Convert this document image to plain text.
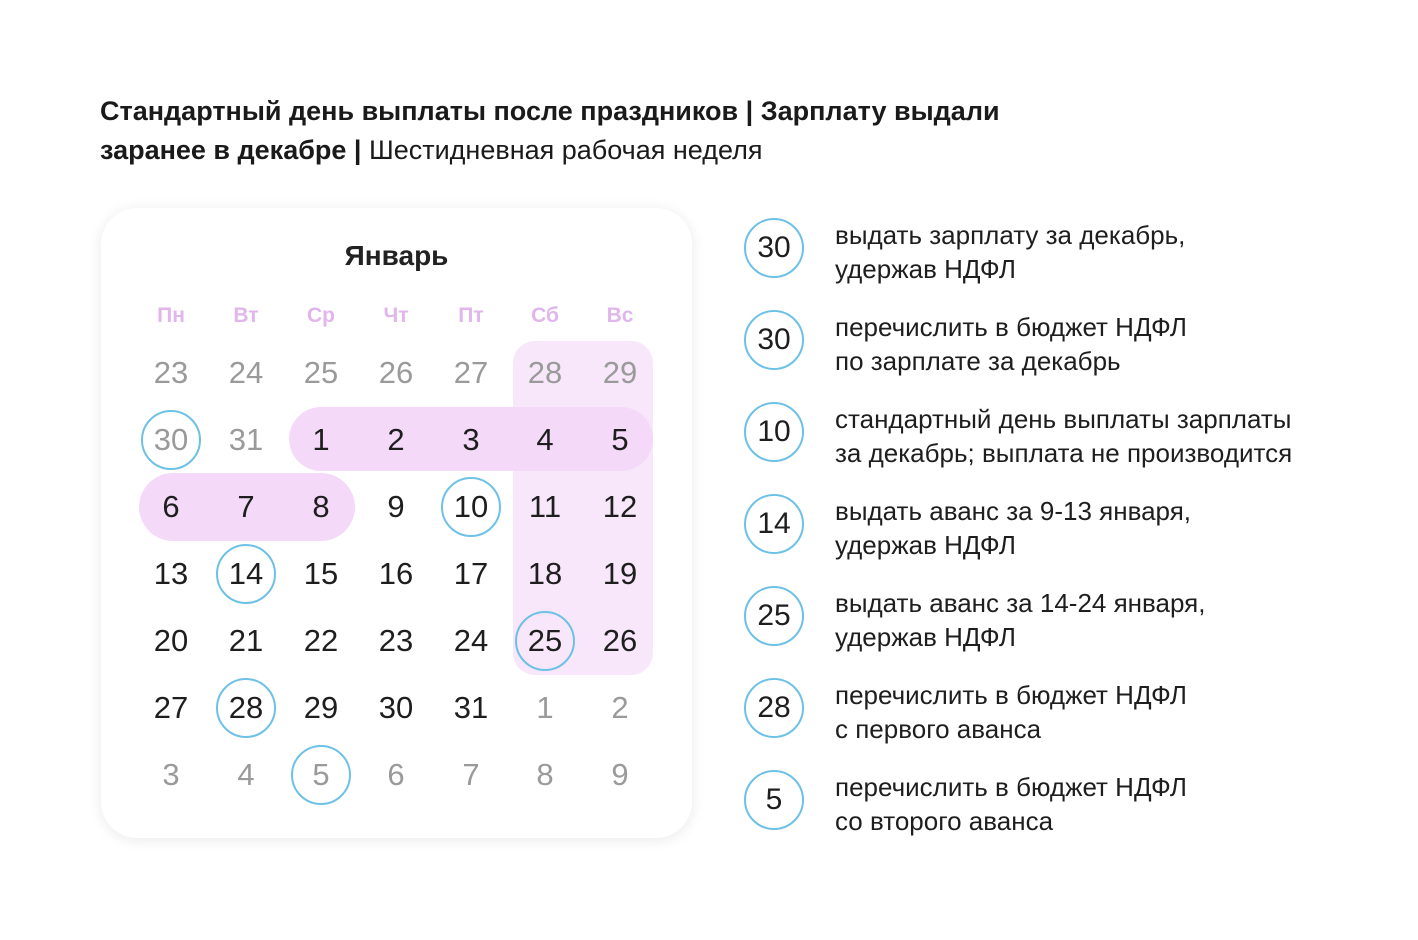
Стандартный день выплаты после праздников | Зарплату выдали заранее в декабре | Шестидневная рабочая неделя
Январь
Пн	Вт	Ср	Чт	Пт	Сб	Вс
23	24	25	26	27	28	29
30	31	1	2	3	4	5
6	7	8	9	10	11	12
13	14	15	16	17	18	19
20	21	22	23	24	25	26
27	28	29	30	31	1	2
3	4	5	6	7	8	9
30	выдать зарплату за декабрь,
удержав НДФЛ
30	перечислить в бюджет НДФЛ
по зарплате за декабрь
10	стандартный день выплаты зарплаты
за декабрь; выплата не производится
14	выдать аванс за 9-13 января,
удержав НДФЛ
25	выдать аванс за 14-24 января,
удержав НДФЛ
28	перечислить в бюджет НДФЛ
с первого аванса
5	перечислить в бюджет НДФЛ
со второго аванса
